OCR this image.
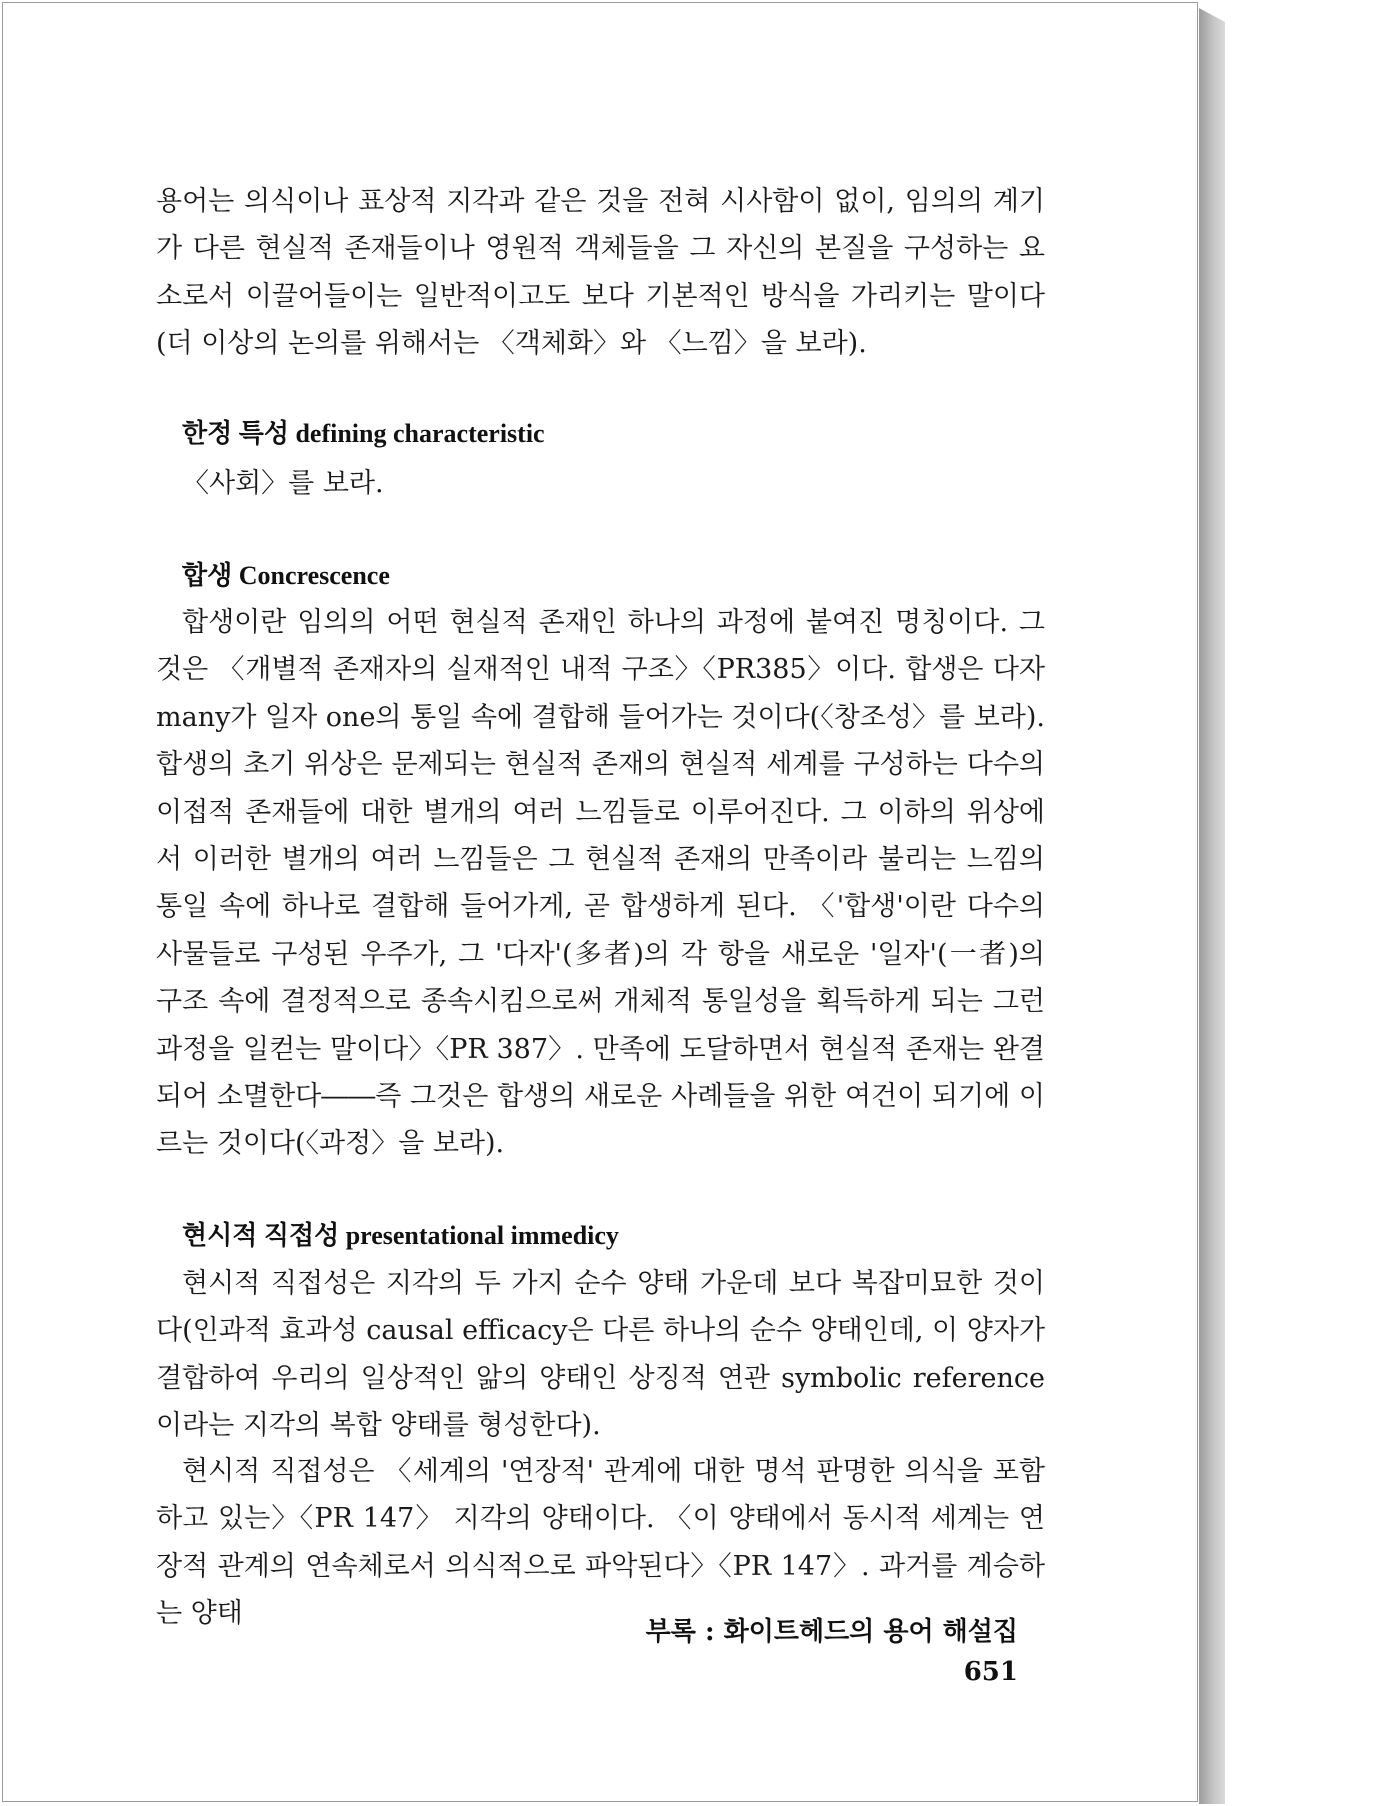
용어는 의식이나 표상적 지각과 같은 것을 전혀 시사함이 없이, 임의의 계기가 다른 현실적 존재들이나 영원적 객체들을 그 자신의 본질을 구성하는 요소로서 이끌어들이는 일반적이고도 보다 기본적인 방식을 가리키는 말이다(더 이상의 논의를 위해서는 〈객체화〉와 〈느낌〉을 보라).

한정 특성 defining characteristic

〈사회〉를 보라.

합생 Concrescence

합생이란 임의의 어떤 현실적 존재인 하나의 과정에 붙여진 명칭이다. 그것은 〈개별적 존재자의 실재적인 내적 구조〉〈PR385〉이다. 합생은 다자 many가 일자 one의 통일 속에 결합해 들어가는 것이다(〈창조성〉를 보라). 합생의 초기 위상은 문제되는 현실적 존재의 현실적 세계를 구성하는 다수의 이접적 존재들에 대한 별개의 여러 느낌들로 이루어진다. 그 이하의 위상에서 이러한 별개의 여러 느낌들은 그 현실적 존재의 만족이라 불리는 느낌의 통일 속에 하나로 결합해 들어가게, 곧 합생하게 된다. 〈'합생'이란 다수의 사물들로 구성된 우주가, 그 '다자'(多者)의 각 항을 새로운 '일자'(一者)의 구조 속에 결정적으로 종속시킴으로써 개체적 통일성을 획득하게 되는 그런 과정을 일컫는 말이다〉〈PR 387〉. 만족에 도달하면서 현실적 존재는 완결되어 소멸한다――즉 그것은 합생의 새로운 사례들을 위한 여건이 되기에 이르는 것이다(〈과정〉을 보라).

현시적 직접성 presentational immedicy

현시적 직접성은 지각의 두 가지 순수 양태 가운데 보다 복잡미묘한 것이다(인과적 효과성 causal efficacy은 다른 하나의 순수 양태인데, 이 양자가 결합하여 우리의 일상적인 앎의 양태인 상징적 연관 symbolic reference이라는 지각의 복합 양태를 형성한다).

현시적 직접성은 〈세계의 '연장적' 관계에 대한 명석 판명한 의식을 포함하고 있는〉〈PR 147〉 지각의 양태이다. 〈이 양태에서 동시적 세계는 연장적 관계의 연속체로서 의식적으로 파악된다〉〈PR 147〉. 과거를 계승하는 양태

부록 : 화이트헤드의 용어 해설집 651
